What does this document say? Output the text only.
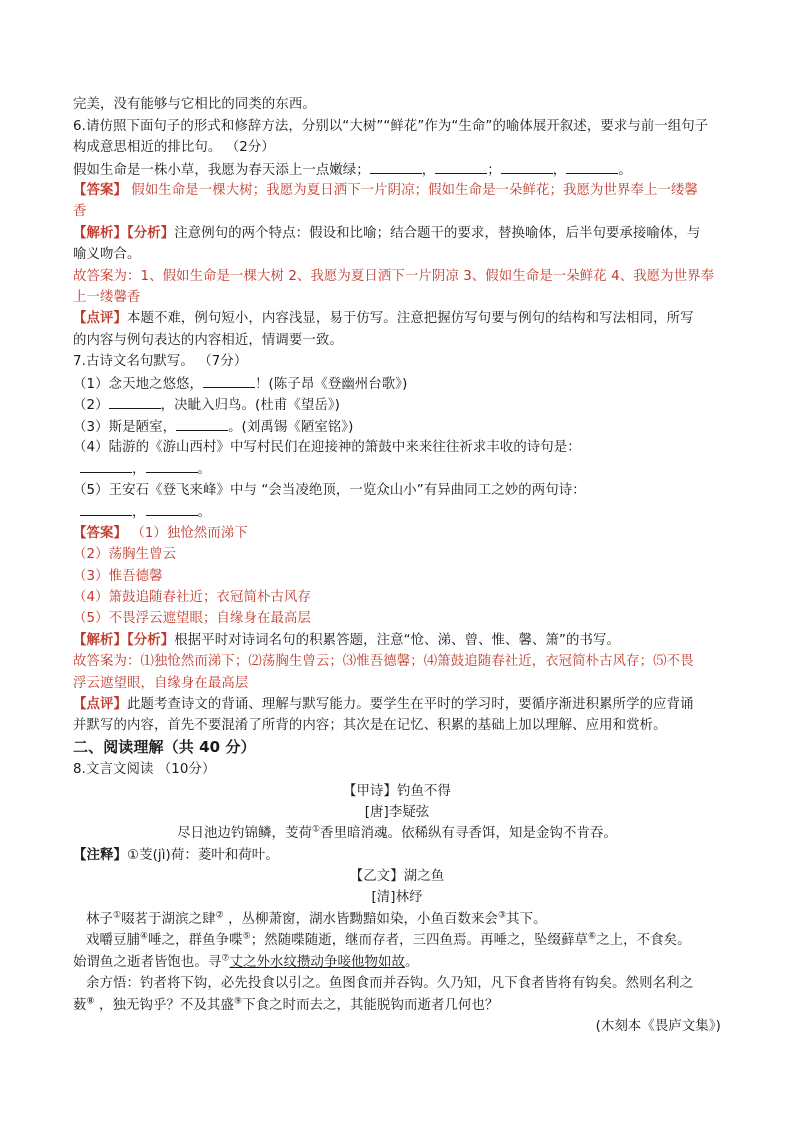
完美，没有能够与它相比的同类的东西。
6.请仿照下面句子的形式和修辞方法，分别以“大树”“鲜花”作为“生命”的喻体展开叙述，要求与前一组句子
构成意思相近的排比句。 （2分）
假如生命是一株小草，我愿为春天添上一点嫩绿；	，	；	，	。
【答案】 假如生命是一棵大树；我愿为夏日洒下一片阴凉；假如生命是一朵鲜花；我愿为世界奉上一缕馨
香
【解析】【分析】注意例句的两个特点：假设和比喻；结合题干的要求，替换喻体，后半句要承接喻体，与
喻义吻合。
故答案为：1、假如生命是一棵大树 2、我愿为夏日洒下一片阴凉 3、假如生命是一朵鲜花 4、我愿为世界奉
上一缕馨香
【点评】本题不难，例句短小，内容浅显，易于仿写。注意把握仿写句要与例句的结构和写法相同，所写
的内容与例句表达的内容相近，情调要一致。
7.古诗文名句默写。 （7分）
（1）念天地之悠悠，	！(陈子昂《登幽州台歌》)
（2）	，决眦入归鸟。(杜甫《望岳》)
（3）斯是陋室，	。(刘禹锡《陋室铭》)
（4）陆游的《游山西村》中写村民们在迎接神的箫鼓中来来往往祈求丰收的诗句是：
，	。
（5）王安石《登飞来峰》中与 “会当凌绝顶，一览众山小”有异曲同工之妙的两句诗：
，	。
【答案】 （1）独怆然而涕下
（2）荡胸生曾云
（3）惟吾德馨
（4）箫鼓追随春社近；衣冠简朴古风存
（5）不畏浮云遮望眼；自缘身在最高层
【解析】【分析】根据平时对诗词名句的积累答题，注意“怆、涕、曾、惟、馨、箫”的书写。
故答案为：⑴独怆然而涕下；⑵荡胸生曾云；⑶惟吾德馨；⑷箫鼓追随春社近，衣冠简朴古风存；⑸不畏
浮云遮望眼，自缘身在最高层
【点评】此题考查诗文的背诵、理解与默写能力。要学生在平时的学习时，要循序渐进积累所学的应背诵
并默写的内容，首先不要混淆了所背的内容；其次是在记忆、积累的基础上加以理解、应用和赏析。
二、阅读理解（共 40 分）
8.文言文阅读 （10分）
【甲诗】钓鱼不得
[唐]李疑弦
尽日池边钓锦鳞，芰荷①香里暗消魂。依稀纵有寻香饵，知是金钩不肯吞。
【注释】①芰(jì)荷：菱叶和荷叶。
【乙文】湖之鱼
[清]林纾
林子①啜茗于湖滨之肆② ，丛柳萧窗，湖水皆黝黯如染，小鱼百数来会③其下。
戏嚼豆脯④唾之，群鱼争喋⑤；然随喋随逝，继而存者，三四鱼焉。再唾之，坠缀藓草⑥之上，不食矣。
始谓鱼之逝者皆饱也。寻⑦丈之外水纹攒动争唼他物如故。
余方悟：钓者将下钩，必先投食以引之。鱼图食而并吞钩。久乃知，凡下食者皆将有钩矣。然则名利之
薮⑧ ，独无钩乎？不及其盛⑨下食之时而去之，其能脱钩而逝者几何也？
(木刻本《畏庐文集》)
